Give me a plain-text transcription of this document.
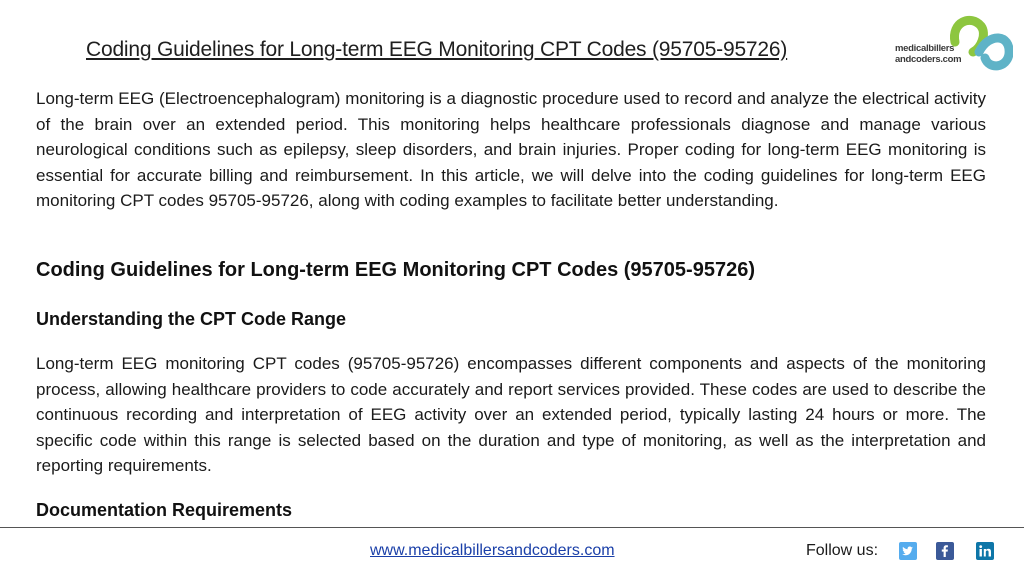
Coding Guidelines for Long-term EEG Monitoring CPT Codes (95705-95726)	medicalbillers
andcoders.com

Long-term EEG (Electroencephalogram) monitoring is a diagnostic procedure used to record and analyze the electrical activity of the brain over an extended period. This monitoring helps healthcare professionals diagnose and manage various neurological conditions such as epilepsy, sleep disorders, and brain injuries. Proper coding for long-term EEG monitoring is essential for accurate billing and reimbursement. In this article, we will delve into the coding guidelines for long-term EEG monitoring CPT codes 95705-95726, along with coding examples to facilitate better understanding.

Coding Guidelines for Long-term EEG Monitoring CPT Codes (95705-95726)
Understanding the CPT Code Range

Long-term EEG monitoring CPT codes (95705-95726) encompasses different components and aspects of the monitoring process, allowing healthcare providers to code accurately and report services provided. These codes are used to describe the continuous recording and interpretation of EEG activity over an extended period, typically lasting 24 hours or more. The specific code within this range is selected based on the duration and type of monitoring, as well as the interpretation and reporting requirements.

Documentation Requirements
www.medicalbillersandcoders.com	Follow us:
